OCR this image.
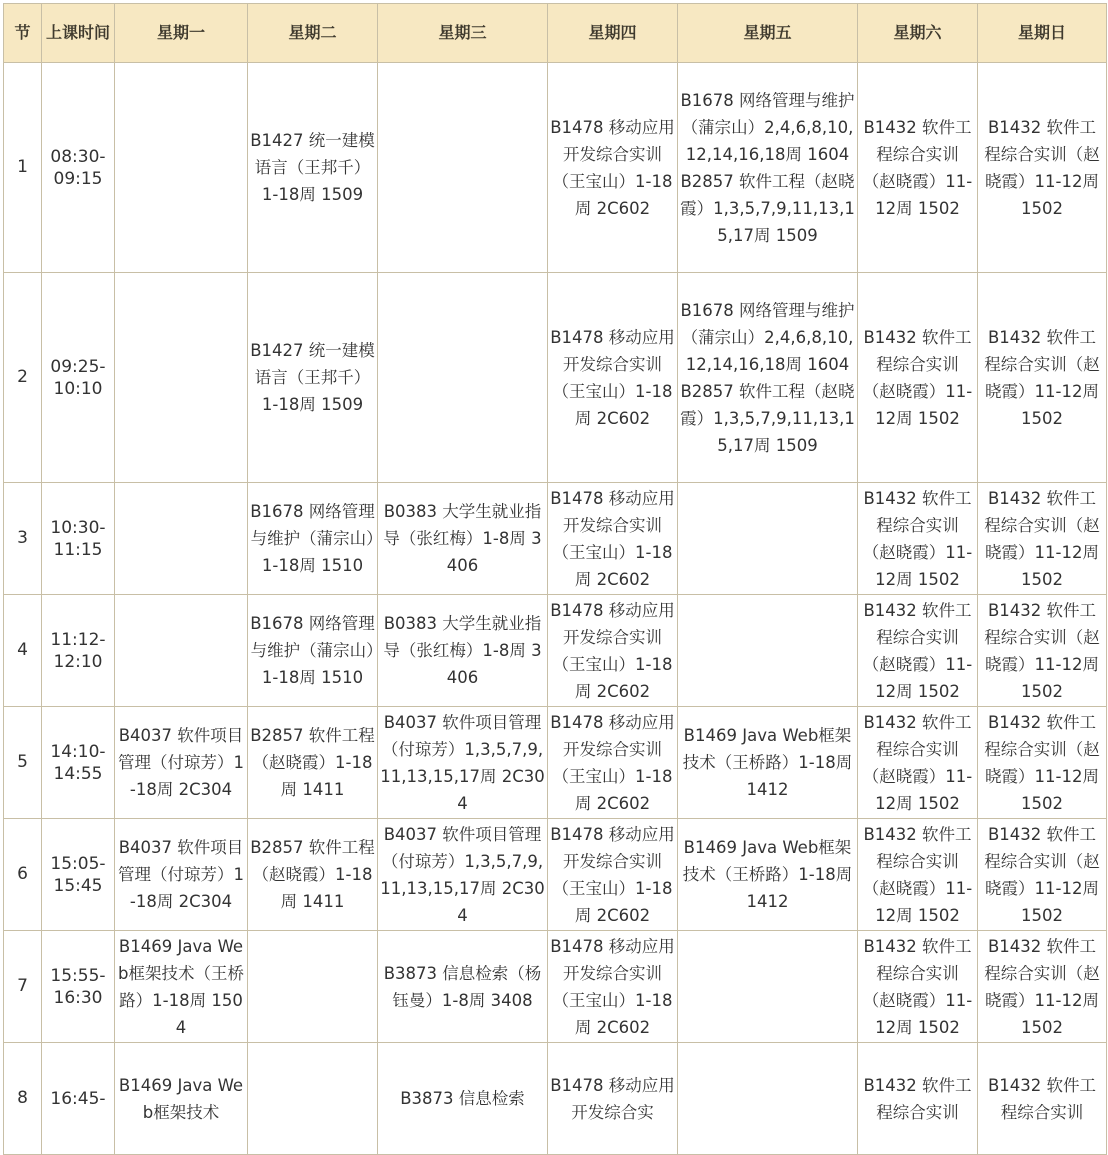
节	上课时间	星期一	星期二	星期三	星期四	星期五	星期六	星期日
1	08:30-09:15		B1427 统一建模语言（王邦千）1-18周 1509		B1478 移动应用开发综合实训（王宝山）1-18周 2C602	B1678 网络管理与维护（蒲宗山）2,4,6,8,10,12,14,16,18周 1604 B2857 软件工程（赵晓霞）1,3,5,7,9,11,13,15,17周 1509	B1432 软件工程综合实训（赵晓霞）11-12周 1502	B1432 软件工程综合实训（赵晓霞）11-12周 1502
2	09:25-10:10		B1427 统一建模语言（王邦千）1-18周 1509		B1478 移动应用开发综合实训（王宝山）1-18周 2C602	B1678 网络管理与维护（蒲宗山）2,4,6,8,10,12,14,16,18周 1604 B2857 软件工程（赵晓霞）1,3,5,7,9,11,13,15,17周 1509	B1432 软件工程综合实训（赵晓霞）11-12周 1502	B1432 软件工程综合实训（赵晓霞）11-12周 1502
3	10:30-11:15		B1678 网络管理与维护（蒲宗山）1-18周 1510	B0383 大学生就业指导（张红梅）1-8周 3406	B1478 移动应用开发综合实训（王宝山）1-18周 2C602		B1432 软件工程综合实训（赵晓霞）11-12周 1502	B1432 软件工程综合实训（赵晓霞）11-12周 1502
4	11:12-12:10		B1678 网络管理与维护（蒲宗山）1-18周 1510	B0383 大学生就业指导（张红梅）1-8周 3406	B1478 移动应用开发综合实训（王宝山）1-18周 2C602		B1432 软件工程综合实训（赵晓霞）11-12周 1502	B1432 软件工程综合实训（赵晓霞）11-12周 1502
5	14:10-14:55	B4037 软件项目管理（付琼芳）1-18周 2C304	B2857 软件工程（赵晓霞）1-18周 1411	B4037 软件项目管理（付琼芳）1,3,5,7,9,11,13,15,17周 2C304	B1478 移动应用开发综合实训（王宝山）1-18周 2C602	B1469 Java Web框架技术（王桥路）1-18周 1412	B1432 软件工程综合实训（赵晓霞）11-12周 1502	B1432 软件工程综合实训（赵晓霞）11-12周 1502
6	15:05-15:45	B4037 软件项目管理（付琼芳）1-18周 2C304	B2857 软件工程（赵晓霞）1-18周 1411	B4037 软件项目管理（付琼芳）1,3,5,7,9,11,13,15,17周 2C304	B1478 移动应用开发综合实训（王宝山）1-18周 2C602	B1469 Java Web框架技术（王桥路）1-18周 1412	B1432 软件工程综合实训（赵晓霞）11-12周 1502	B1432 软件工程综合实训（赵晓霞）11-12周 1502
7	15:55-16:30	B1469 Java Web框架技术（王桥路）1-18周 1504		B3873 信息检索（杨钰曼）1-8周 3408	B1478 移动应用开发综合实训（王宝山）1-18周 2C602		B1432 软件工程综合实训（赵晓霞）11-12周 1502	B1432 软件工程综合实训（赵晓霞）11-12周 1502
8	16:45-	B1469 Java Web框架技术		B3873 信息检索	B1478 移动应用开发综合实		B1432 软件工程综合实训	B1432 软件工程综合实训
